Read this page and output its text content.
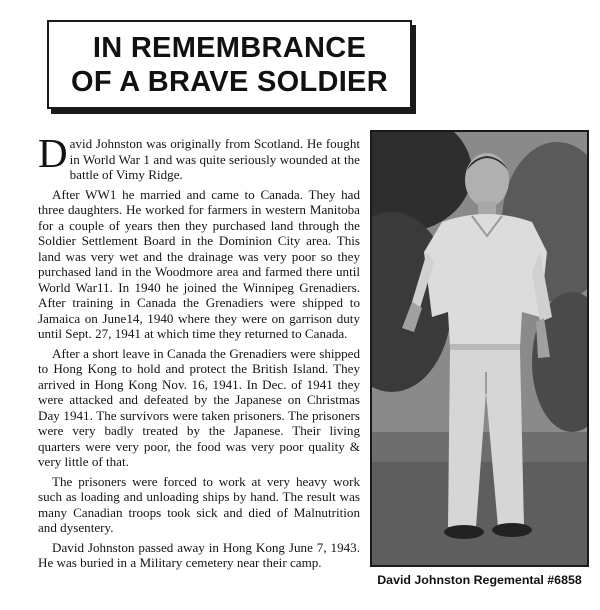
IN REMEMBRANCE
OF A BRAVE SOLDIER

David Johnston was originally from Scotland. He fought in World War 1 and was quite seriously wounded at the battle of Vimy Ridge.

After WW1 he married and came to Canada. They had three daughters. He worked for farmers in western Manitoba for a couple of years then they purchased land through the Soldier Settlement Board in the Dominion City area. This land was very wet and the drainage was very poor so they purchased land in the Woodmore area and farmed there until World War11. In 1940 he joined the Winnipeg Grenadiers. After training in Canada the Grenadiers were shipped to Jamaica on June14, 1940 where they were on garrison duty until Sept. 27, 1941 at which time they returned to Canada.

After a short leave in Canada the Grenadiers were shipped to Hong Kong to hold and protect the British Island. They arrived in Hong Kong Nov. 16, 1941. In Dec. of 1941 they were attacked and defeated by the Japanese on Christmas Day 1941. The survivors were taken prisoners. The prisoners were very badly treated by the Japanese. Their living quarters were very poor, the food was very poor quality & very little of that.

The prisoners were forced to work at very heavy work such as loading and unloading ships by hand. The result was many Canadian troops took sick and died of Malnutrition and dysentery.

David Johnston passed away in Hong Kong June 7, 1943. He was buried in a Military cemetery near their camp.

David Johnston Regemental #6858
